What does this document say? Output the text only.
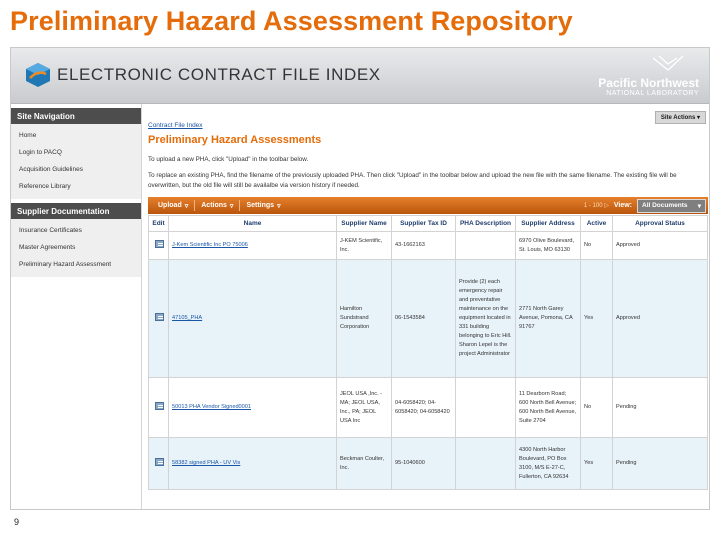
Preliminary Hazard Assessment Repository
ELECTRONIC CONTRACT FILE INDEX	Pacific Northwest
NATIONAL LABORATORY
Site Navigation
Home
Login to PACQ
Acquisition Guidelines
Reference Library
Supplier Documentation
Insurance Certificates
Master Agreements
Preliminary Hazard Assessment
Site Actions ▾
Contract File Index
Preliminary Hazard Assessments
To upload a new PHA, click "Upload" in the toolbar below.
To replace an existing PHA, find the filename of the previously uploaded PHA. Then click "Upload" in the toolbar below and upload the new file with the same filename. The existing file will be overwritten, but the old file will still be availalbe via version history if needed.
Upload ▿ Actions ▿ Settings ▿	1 - 100 ▷ View: All Documents ▾
Edit	Name	Supplier Name	Supplier Tax ID	PHA Description	Supplier Address	Active	Approval Status
	J-Kem Scientific Inc PO 75006	J-KEM Scientific, Inc.	43-1662163		6970 Olive Boulevard, St. Louis, MO 63130	No	Approved
	47105_PHA	Hamilton Sundstrand Corporation	06-1543584	Provide (2) each emergency repair and preventative maintenance on the equipment located in 331 building belonging to Eric Hill. Sharon Lepel is the project Administrator	2771 North Garey Avenue, Pomona, CA 91767	Yes	Approved
	50013 PHA Vendor Signed0001	JEOL USA ,Inc. - MA; JEOL USA, Inc., PA; JEOL USA Inc	04-6058420; 04-6058420; 04-6058420		11 Dearborn Road; 600 North Bell Avenue; 600 North Bell Avenue, Suite 2704	No	Pending
	58382 signed PHA - UV Vis	Beckman Coulter, Inc.	95-1040600		4300 North Harbor Boulevard, PO Box 3100, M/S E-27-C, Fullerton, CA 92634	Yes	Pending
9
